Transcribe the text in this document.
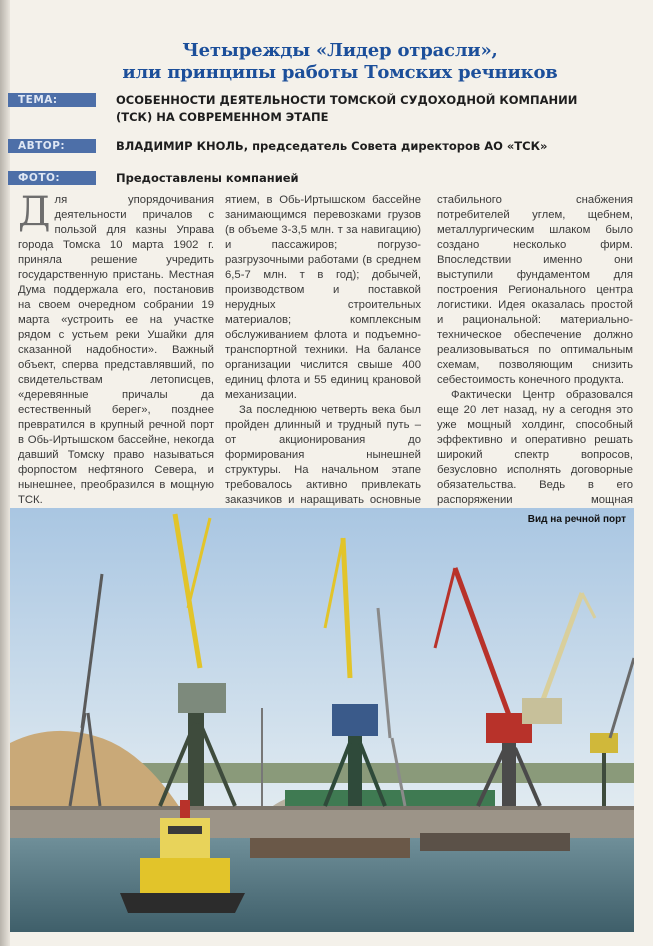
Четырежды «Лидер отрасли»,
или принципы работы Томских речников
ТЕМА:	ОСОБЕННОСТИ ДЕЯТЕЛЬНОСТИ ТОМСКОЙ СУДОХОДНОЙ КОМПАНИИ
(ТСК) НА СОВРЕМЕННОМ ЭТАПЕ
АВТОР:	ВЛАДИМИР КНОЛЬ, председатель Совета директоров АО «ТСК»
ФОТО:	Предоставлены компанией

Для упорядочивания деятельности причалов с пользой для казны Управа города Томска 10 марта 1902 г. приняла решение учредить государственную пристань. Местная Дума поддержала его, постановив на своем очередном собрании 19 марта «устроить ее на участке рядом с устьем реки Ушайки для сказанной надобности». Важный объект, сперва представлявший, по свидетельствам летописцев, «деревянные причалы да естественный берег», позднее превратился в крупный речной порт в Обь-Иртышском бассейне, некогда давший Томску право называться форпостом нефтяного Севера, и нынешнее, преобразился в мощную ТСК.

ятием, в Обь-Иртышском бассейне занимающимся перевозками грузов (в объеме 3-3,5 млн. т за навигацию) и пассажиров; погрузо-разгрузочными работами (в среднем 6,5-7 млн. т в год); добычей, производством и поставкой нерудных строительных материалов; комплексным обслуживанием флота и подъемно-транспортной техники. На балансе организации числится свыше 400 единиц флота и 55 единиц крановой механизации.

За последнюю четверть века был пройден длинный и трудный путь – от акционирования до формирования нынешней структуры. На начальном этапе требовалось активно привлекать заказчиков и наращивать основные

стабильного снабжения потребителей углем, щебнем, металлургическим шлаком было создано несколько фирм. Впоследствии именно они выступили фундаментом для построения Регионального центра логистики. Идея оказалась простой и рациональной: материально-техническое обеспечение должно реализовываться по оптимальным схемам, позволяющим снизить себестоимость конечного продукта.

Фактически Центр образовался еще 20 лет назад, ну а сегодня это уже мощный холдинг, способный эффективно и оперативно решать широкий спектр вопросов, безусловно исполнять договорные обязательства. Ведь в его распоряжении мощная

Вид на речной порт
